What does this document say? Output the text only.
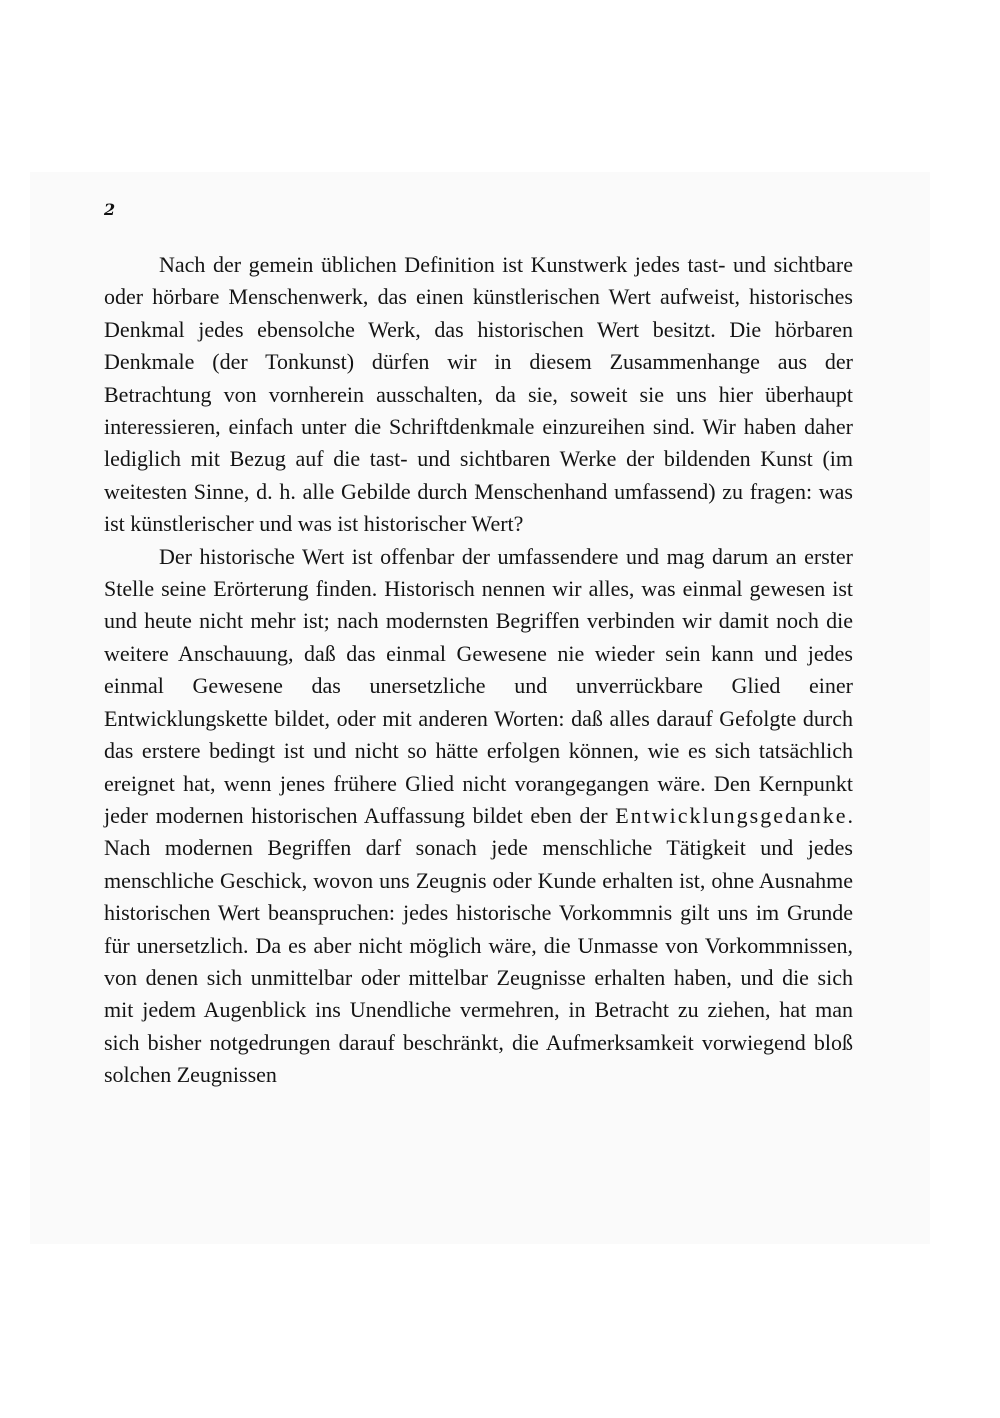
2

Nach der gemein üblichen Definition ist Kunstwerk jedes tast- und sichtbare oder hörbare Menschenwerk, das einen künstlerischen Wert aufweist, historisches Denkmal jedes ebensolche Werk, das historischen Wert besitzt. Die hörbaren Denkmale (der Tonkunst) dürfen wir in diesem Zusammenhange aus der Betrachtung von vornherein ausschalten, da sie, soweit sie uns hier überhaupt interessieren, einfach unter die Schriftdenkmale einzureihen sind. Wir haben daher lediglich mit Bezug auf die tast- und sichtbaren Werke der bildenden Kunst (im weitesten Sinne, d. h. alle Gebilde durch Menschenhand umfassend) zu fragen: was ist künstlerischer und was ist historischer Wert?

Der historische Wert ist offenbar der umfassendere und mag darum an erster Stelle seine Erörterung finden. Historisch nennen wir alles, was einmal gewesen ist und heute nicht mehr ist; nach modernsten Begriffen verbinden wir damit noch die weitere Anschauung, daß das einmal Gewesene nie wieder sein kann und jedes einmal Gewesene das unersetzliche und unverrückbare Glied einer Entwicklungskette bildet, oder mit anderen Worten: daß alles darauf Gefolgte durch das erstere bedingt ist und nicht so hätte erfolgen können, wie es sich tatsächlich ereignet hat, wenn jenes frühere Glied nicht vorangegangen wäre. Den Kernpunkt jeder modernen historischen Auffassung bildet eben der Entwicklungsgedanke. Nach modernen Begriffen darf sonach jede menschliche Tätigkeit und jedes menschliche Geschick, wovon uns Zeugnis oder Kunde erhalten ist, ohne Ausnahme historischen Wert beanspruchen: jedes historische Vorkommnis gilt uns im Grunde für unersetzlich. Da es aber nicht möglich wäre, die Unmasse von Vorkommnissen, von denen sich unmittelbar oder mittelbar Zeugnisse erhalten haben, und die sich mit jedem Augenblick ins Unendliche vermehren, in Betracht zu ziehen, hat man sich bisher notgedrungen darauf beschränkt, die Aufmerksamkeit vorwiegend bloß solchen Zeugnissen
